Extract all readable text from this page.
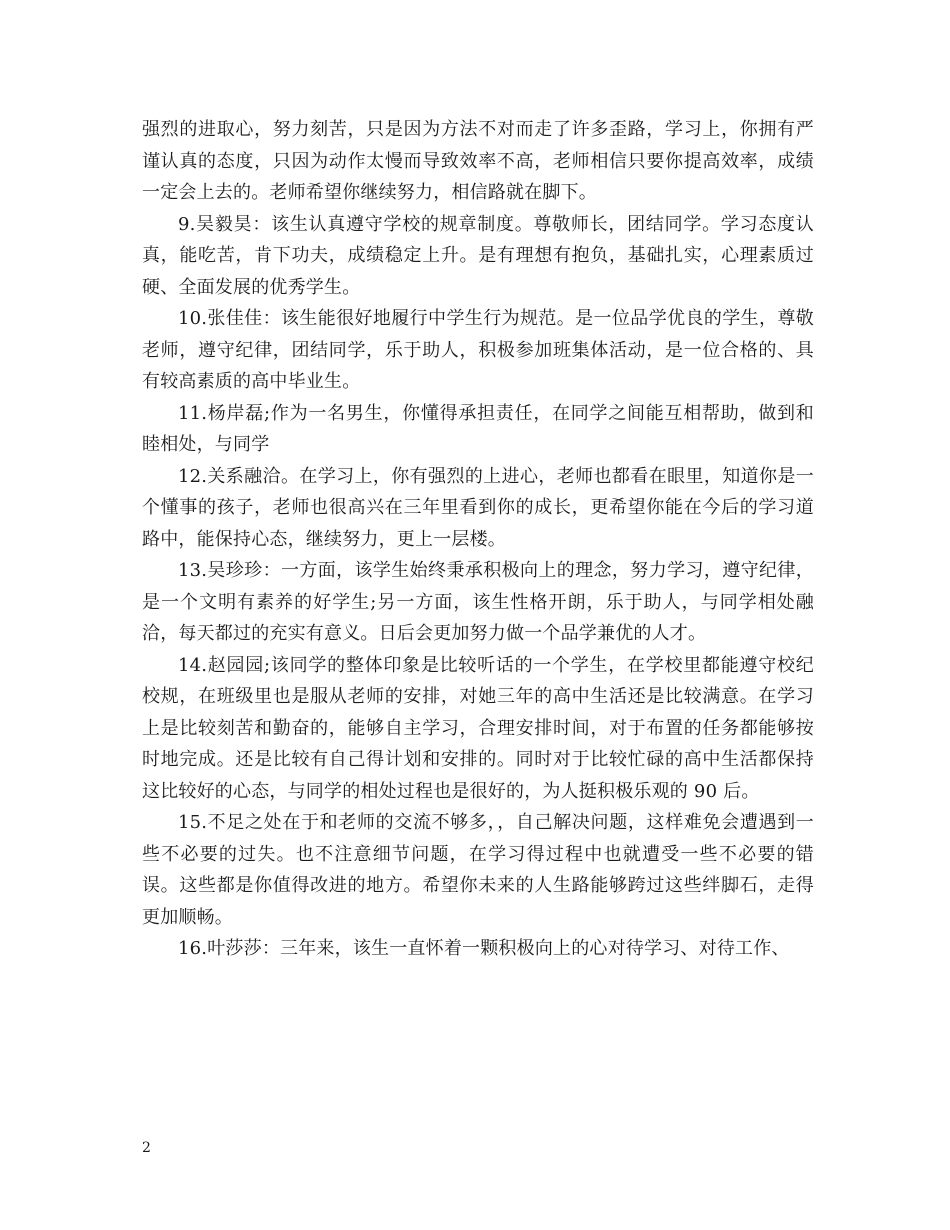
强烈的进取心，努力刻苦，只是因为方法不对而走了许多歪路，学习上，你拥有严谨认真的态度，只因为动作太慢而导致效率不高，老师相信只要你提高效率，成绩一定会上去的。老师希望你继续努力，相信路就在脚下。

9.吴毅昊：该生认真遵守学校的规章制度。尊敬师长，团结同学。学习态度认真，能吃苦，肯下功夫，成绩稳定上升。是有理想有抱负，基础扎实，心理素质过硬、全面发展的优秀学生。

10.张佳佳：该生能很好地履行中学生行为规范。是一位品学优良的学生，尊敬老师，遵守纪律，团结同学，乐于助人，积极参加班集体活动，是一位合格的、具有较高素质的高中毕业生。

11.杨岸磊;作为一名男生，你懂得承担责任，在同学之间能互相帮助，做到和睦相处，与同学

12.关系融洽。在学习上，你有强烈的上进心，老师也都看在眼里，知道你是一个懂事的孩子，老师也很高兴在三年里看到你的成长，更希望你能在今后的学习道路中，能保持心态，继续努力，更上一层楼。

13.吴珍珍：一方面，该学生始终秉承积极向上的理念，努力学习，遵守纪律，是一个文明有素养的好学生;另一方面，该生性格开朗，乐于助人，与同学相处融洽，每天都过的充实有意义。日后会更加努力做一个品学兼优的人才。

14.赵园园;该同学的整体印象是比较听话的一个学生，在学校里都能遵守校纪校规，在班级里也是服从老师的安排，对她三年的高中生活还是比较满意。在学习上是比较刻苦和勤奋的，能够自主学习，合理安排时间，对于布置的任务都能够按时地完成。还是比较有自己得计划和安排的。同时对于比较忙碌的高中生活都保持这比较好的心态，与同学的相处过程也是很好的，为人挺积极乐观的 90 后。

15.不足之处在于和老师的交流不够多，，自己解决问题，这样难免会遭遇到一些不必要的过失。也不注意细节问题，在学习得过程中也就遭受一些不必要的错误。这些都是你值得改进的地方。希望你未来的人生路能够跨过这些绊脚石，走得更加顺畅。

16.叶莎莎：三年来，该生一直怀着一颗积极向上的心对待学习、对待工作、

2
